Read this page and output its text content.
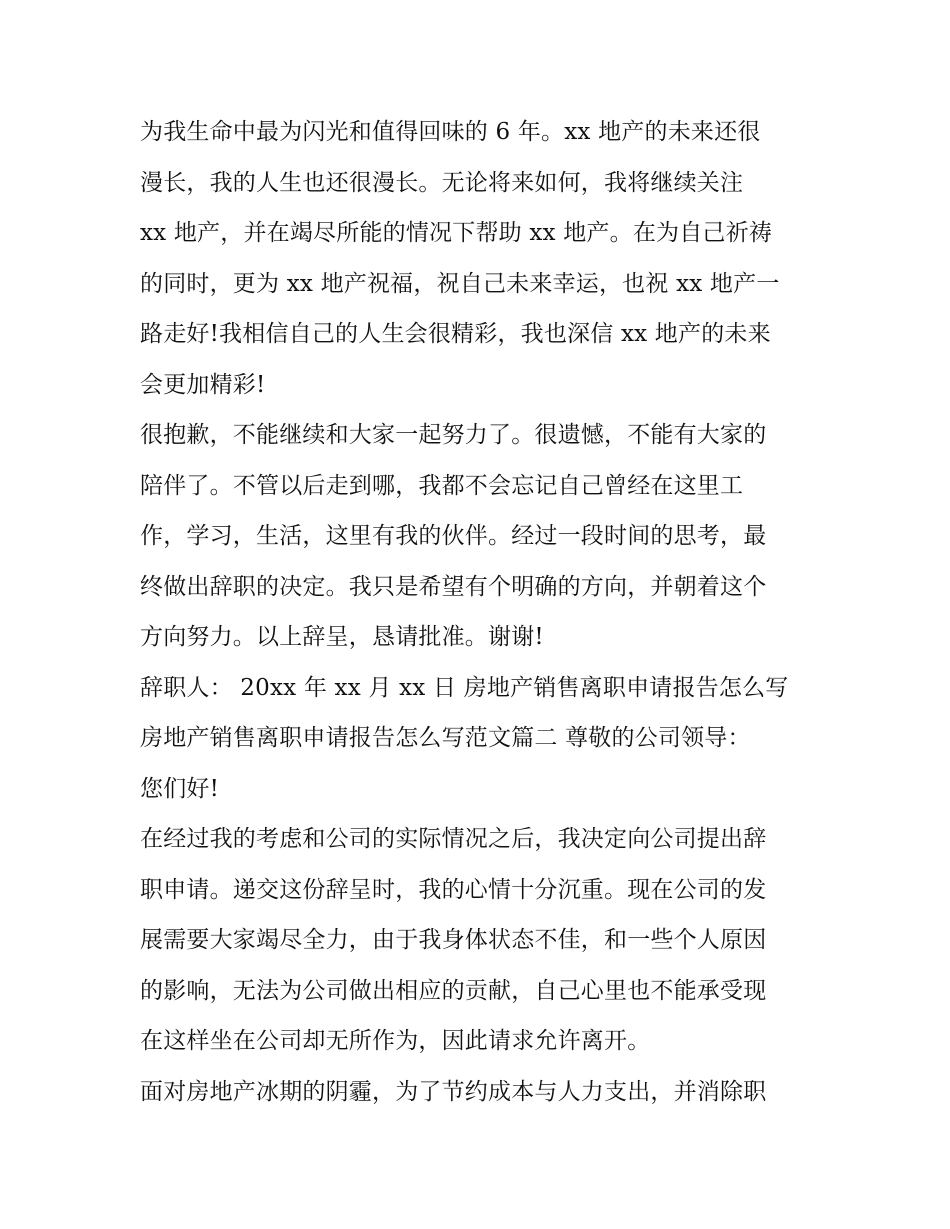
为我生命中最为闪光和值得回味的 6 年。xx 地产的未来还很
漫长，我的人生也还很漫长。无论将来如何，我将继续关注
xx 地产，并在竭尽所能的情况下帮助 xx 地产。在为自己祈祷
的同时，更为 xx 地产祝福，祝自己未来幸运，也祝 xx 地产一
路走好!我相信自己的人生会很精彩，我也深信 xx 地产的未来
会更加精彩!
很抱歉，不能继续和大家一起努力了。很遗憾，不能有大家的
陪伴了。不管以后走到哪，我都不会忘记自己曾经在这里工
作，学习，生活，这里有我的伙伴。经过一段时间的思考，最
终做出辞职的决定。我只是希望有个明确的方向，并朝着这个
方向努力。以上辞呈，恳请批准。谢谢!
辞职人： 20xx 年 xx 月 xx 日 房地产销售离职申请报告怎么写
房地产销售离职申请报告怎么写范文篇二 尊敬的公司领导：
您们好!
在经过我的考虑和公司的实际情况之后，我决定向公司提出辞
职申请。递交这份辞呈时，我的心情十分沉重。现在公司的发
展需要大家竭尽全力，由于我身体状态不佳，和一些个人原因
的影响，无法为公司做出相应的贡献，自己心里也不能承受现
在这样坐在公司却无所作为，因此请求允许离开。
面对房地产冰期的阴霾，为了节约成本与人力支出，并消除职
